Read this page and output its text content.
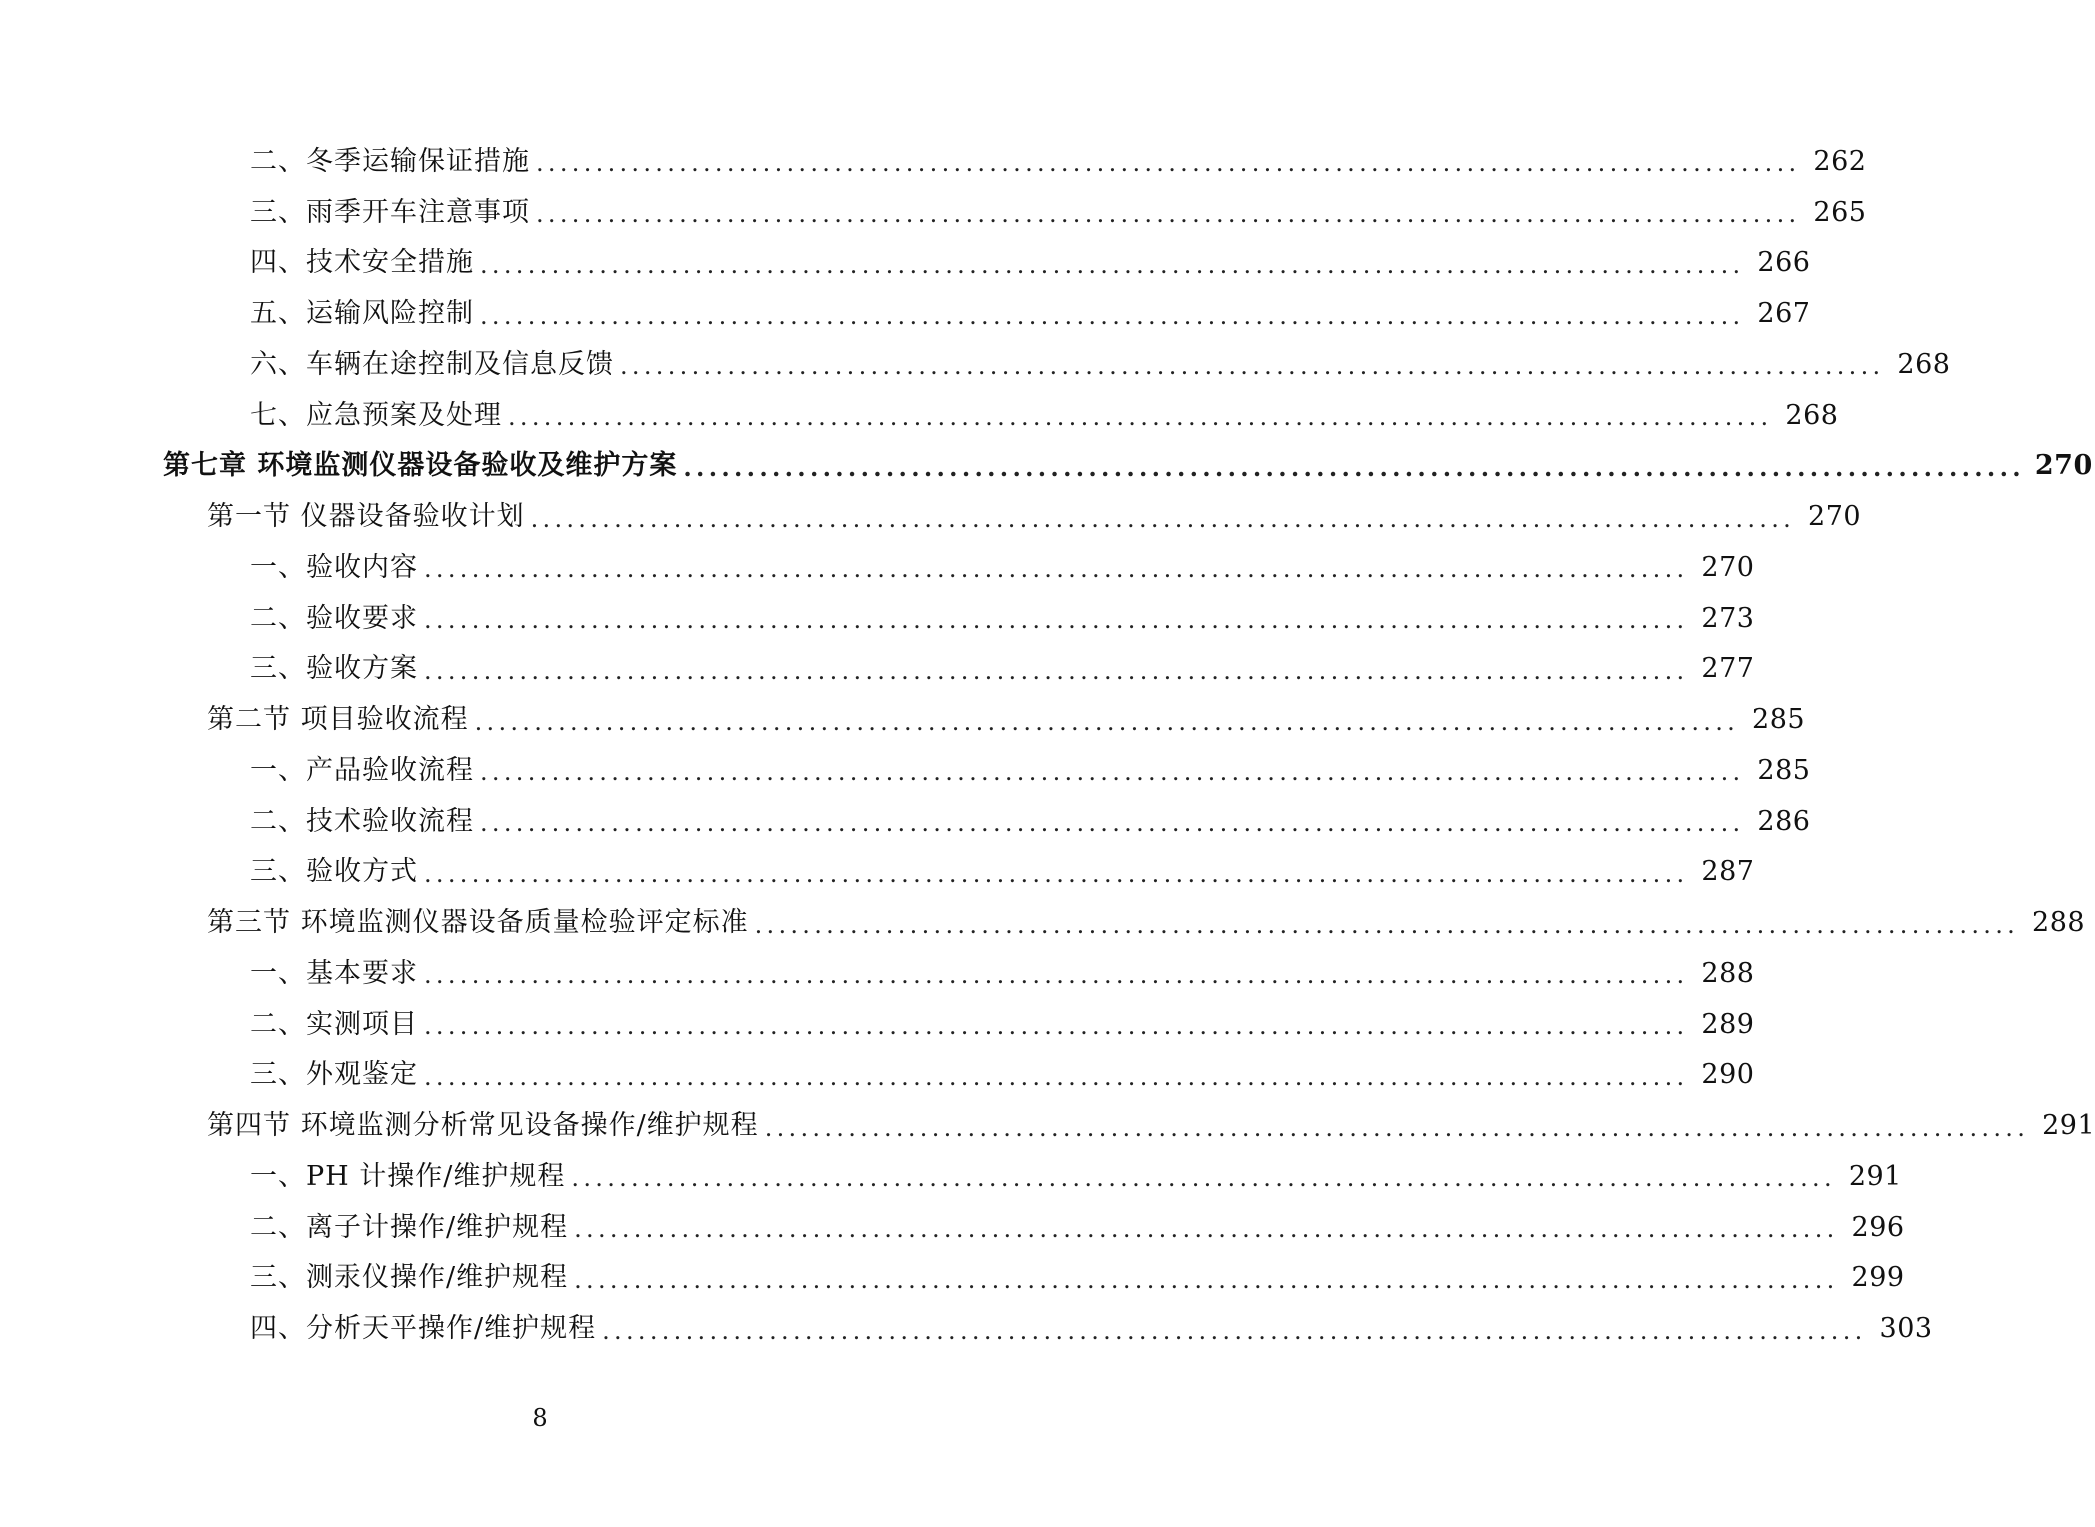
二、冬季运输保证措施 .......................................................................................................... 262
三、雨季开车注意事项 .......................................................................................................... 265
四、技术安全措施 .......................................................................................................... 266
五、运输风险控制 .......................................................................................................... 267
六、车辆在途控制及信息反馈 .......................................................................................................... 268
七、应急预案及处理 .......................................................................................................... 268
第七章 环境监测仪器设备验收及维护方案 .......................................................................................................... 270
第一节 仪器设备验收计划 .......................................................................................................... 270
一、验收内容 .......................................................................................................... 270
二、验收要求 .......................................................................................................... 273
三、验收方案 .......................................................................................................... 277
第二节 项目验收流程 .......................................................................................................... 285
一、产品验收流程 .......................................................................................................... 285
二、技术验收流程 .......................................................................................................... 286
三、验收方式 .......................................................................................................... 287
第三节 环境监测仪器设备质量检验评定标准 .......................................................................................................... 288
一、基本要求 .......................................................................................................... 288
二、实测项目 .......................................................................................................... 289
三、外观鉴定 .......................................................................................................... 290
第四节 环境监测分析常见设备操作/维护规程 .......................................................................................................... 291
一、PH 计操作/维护规程 .......................................................................................................... 291
二、离子计操作/维护规程 .......................................................................................................... 296
三、测汞仪操作/维护规程 .......................................................................................................... 299
四、分析天平操作/维护规程 .......................................................................................................... 303
8
